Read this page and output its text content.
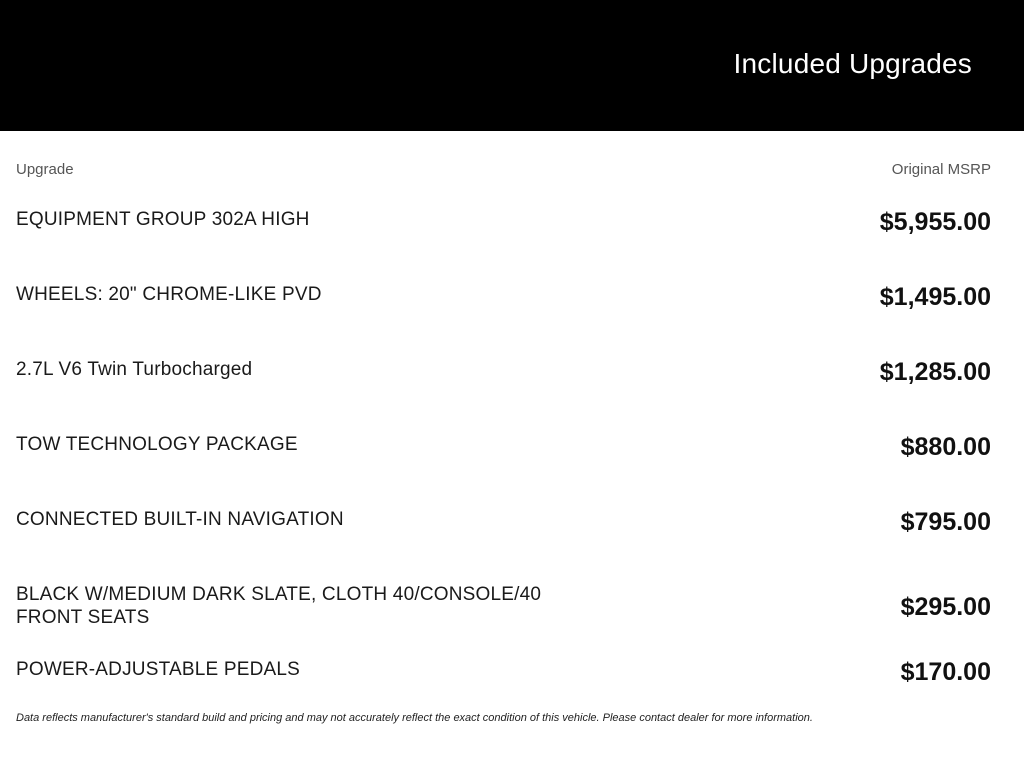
Included Upgrades
Upgrade	Original MSRP
EQUIPMENT GROUP 302A HIGH	$5,955.00
WHEELS: 20" CHROME-LIKE PVD	$1,495.00
2.7L V6 Twin Turbocharged	$1,285.00
TOW TECHNOLOGY PACKAGE	$880.00
CONNECTED BUILT-IN NAVIGATION	$795.00
BLACK W/MEDIUM DARK SLATE, CLOTH 40/CONSOLE/40 FRONT SEATS	$295.00
POWER-ADJUSTABLE PEDALS	$170.00
Data reflects manufacturer's standard build and pricing and may not accurately reflect the exact condition of this vehicle. Please contact dealer for more information.
